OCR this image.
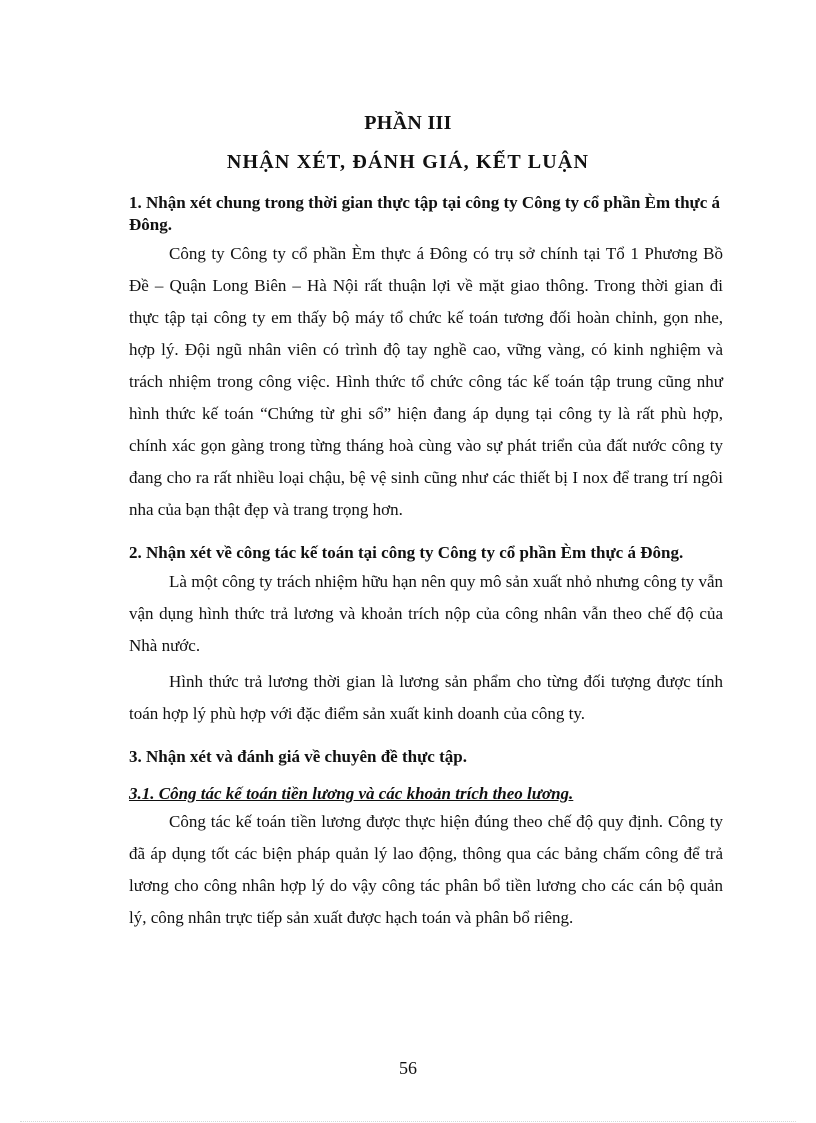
PHẦN III
NHẬN XÉT, ĐÁNH GIÁ, KẾT LUẬN

1. Nhận xét chung trong thời gian thực tập tại công ty Công ty cổ phần Èm thực á Đông.

Công ty Công ty cổ phần Èm thực á Đông có trụ sở chính tại Tổ 1 Phương Bồ Đề – Quận Long Biên – Hà Nội rất thuận lợi về mặt giao thông. Trong thời gian đi thực tập tại công ty em thấy bộ máy tổ chức kế toán tương đối hoàn chỉnh, gọn nhe, hợp lý. Đội ngũ nhân viên có trình độ tay nghề cao, vững vàng, có kinh nghiệm và trách nhiệm trong công việc. Hình thức tổ chức công tác kế toán tập trung cũng như hình thức kế toán “Chứng từ ghi sổ” hiện đang áp dụng tại công ty là rất phù hợp, chính xác gọn gàng trong từng tháng hoà cùng vào sự phát triển của đất nước công ty đang cho ra rất nhiều loại chậu, bệ vệ sinh cũng như các thiết bị I nox để trang trí ngôi nha của bạn thật đẹp và trang trọng hơn.

2. Nhận xét về công tác kế toán tại công ty Công ty cổ phần Èm thực á Đông.

Là một công ty trách nhiệm hữu hạn nên quy mô sản xuất nhỏ nhưng công ty vẫn vận dụng hình thức trả lương và khoản trích nộp của công nhân vẫn theo chế độ của Nhà nước.

Hình thức trả lương thời gian là lương sản phẩm cho từng đối tượng được tính toán hợp lý phù hợp với đặc điểm sản xuất kinh doanh của công ty.

3. Nhận xét và đánh giá về chuyên đề thực tập.

3.1. Công tác kế toán tiền lương và các khoản trích theo lương.

Công tác kế toán tiền lương được thực hiện đúng theo chế độ quy định. Công ty đã áp dụng tốt các biện pháp quản lý lao động, thông qua các bảng chấm công để trả lương cho công nhân hợp lý do vậy công tác phân bổ tiền lương cho các cán bộ quản lý, công nhân trực tiếp sản xuất được hạch toán và phân bổ riêng.

56
